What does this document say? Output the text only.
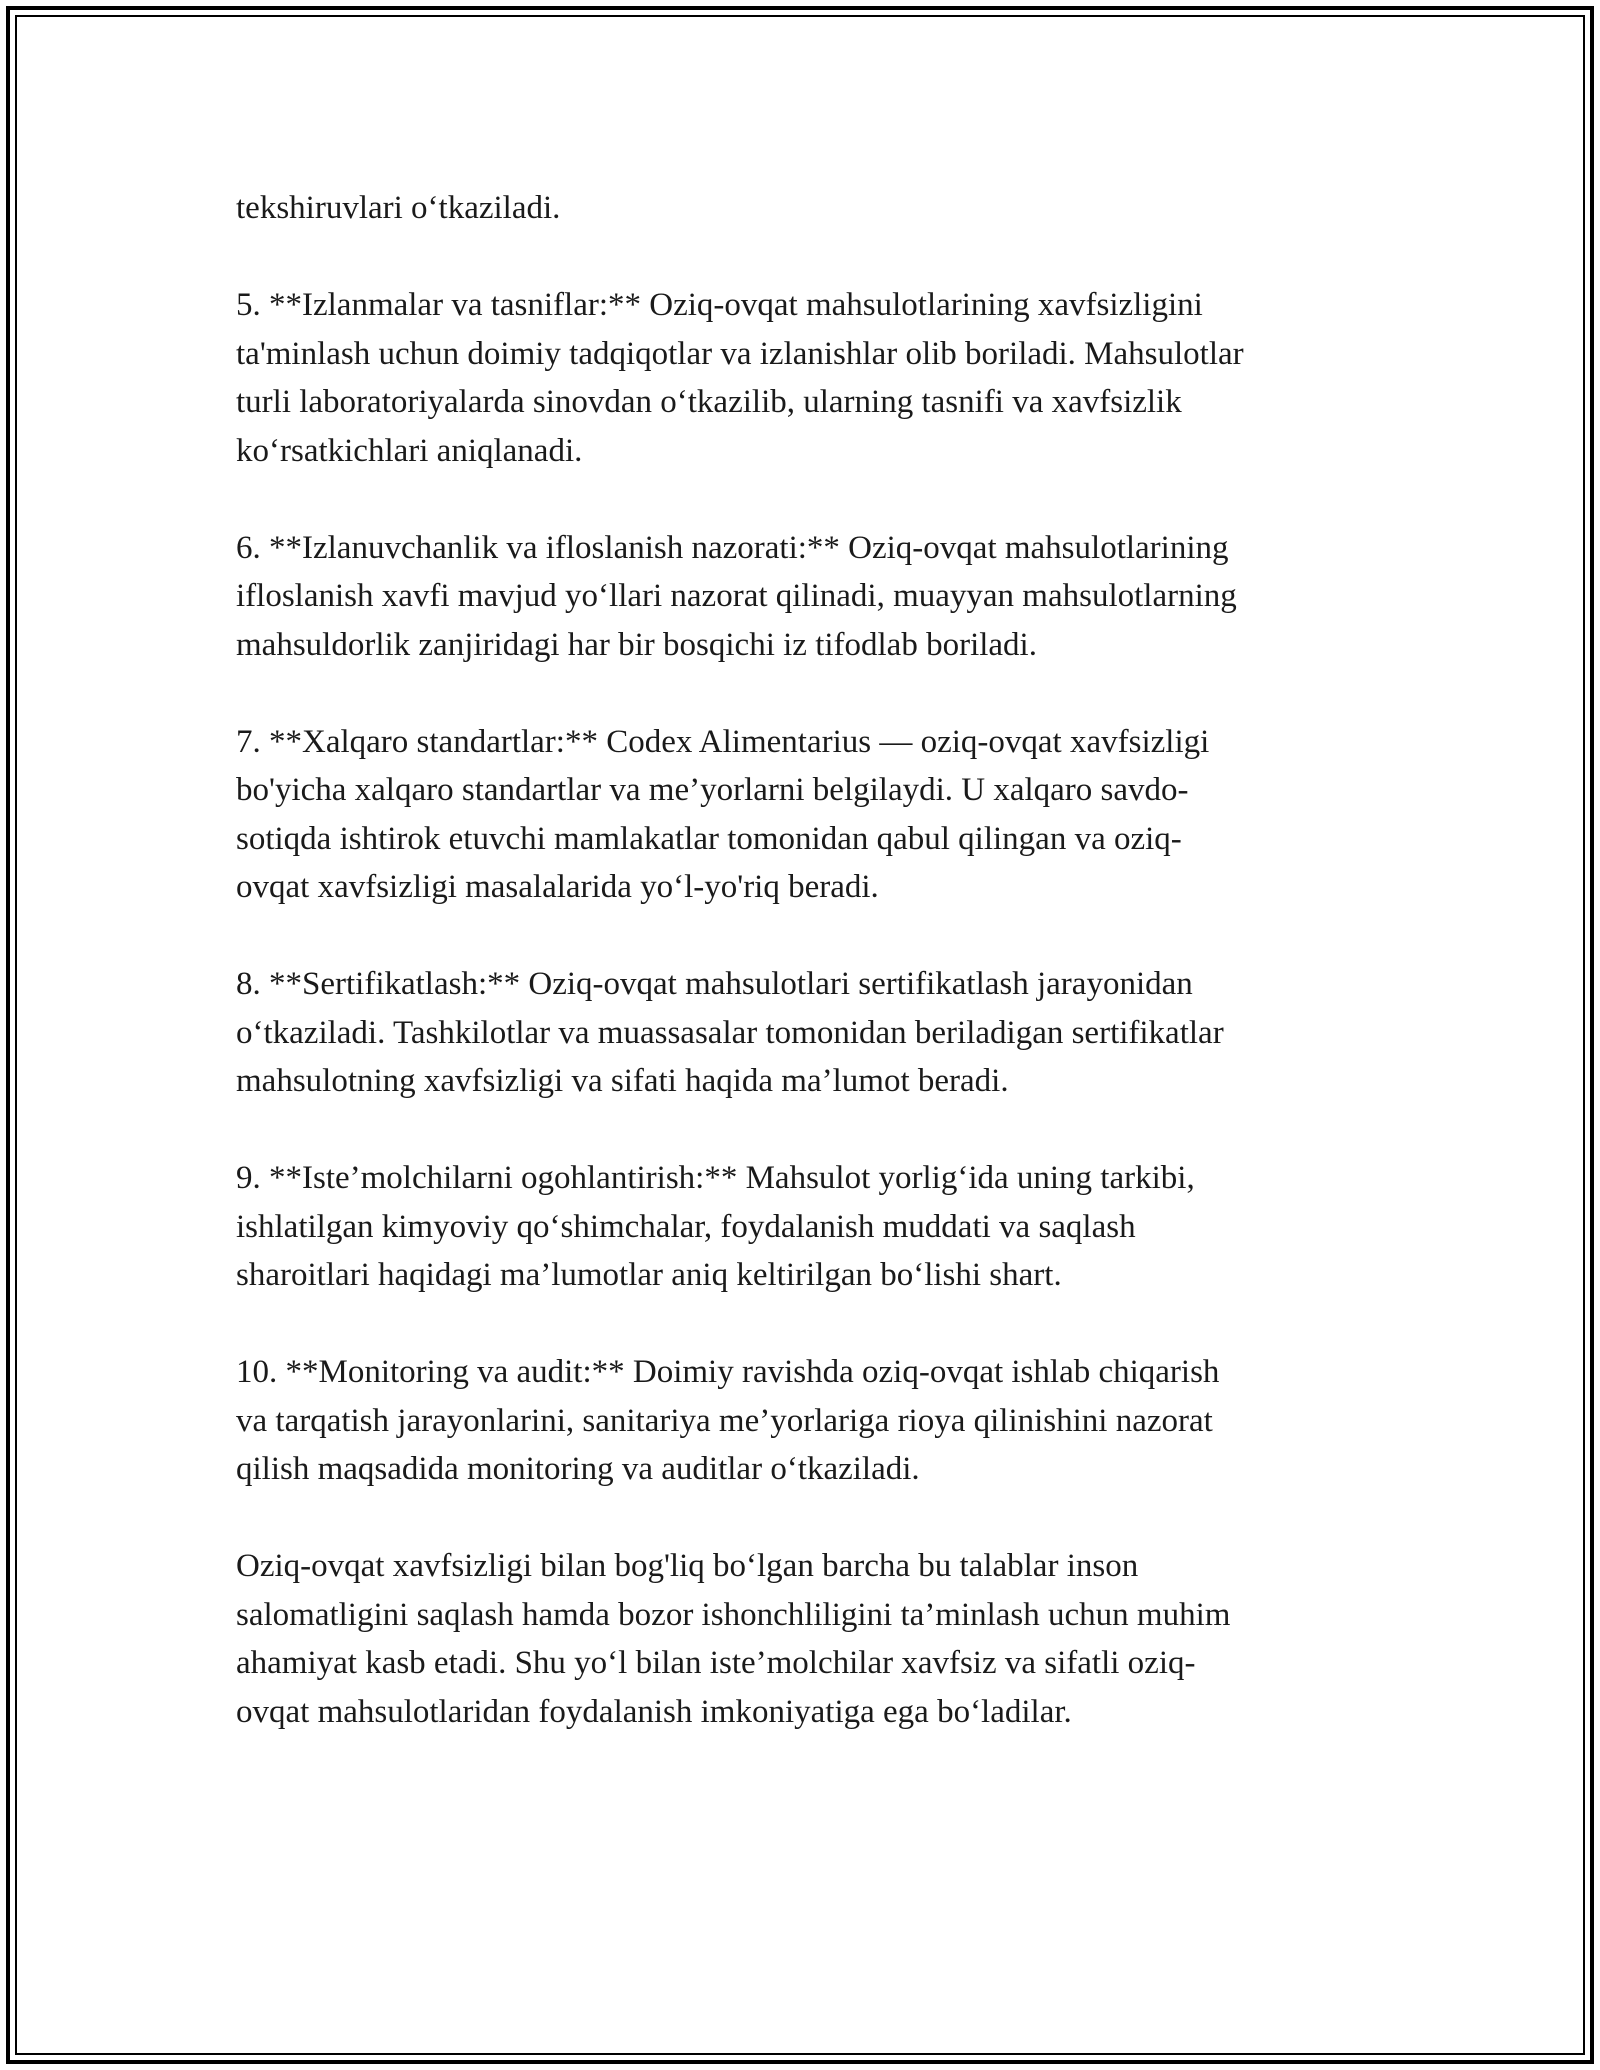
tekshiruvlari o‘tkaziladi.

5. **Izlanmalar va tasniflar:** Oziq-ovqat mahsulotlarining xavfsizligini
ta'minlash uchun doimiy tadqiqotlar va izlanishlar olib boriladi. Mahsulotlar
turli laboratoriyalarda sinovdan o‘tkazilib, ularning tasnifi va xavfsizlik
ko‘rsatkichlari aniqlanadi.

6. **Izlanuvchanlik va ifloslanish nazorati:** Oziq-ovqat mahsulotlarining
ifloslanish xavfi mavjud yo‘llari nazorat qilinadi, muayyan mahsulotlarning
mahsuldorlik zanjiridagi har bir bosqichi iz tifodlab boriladi.

7. **Xalqaro standartlar:** Codex Alimentarius — oziq-ovqat xavfsizligi
bo'yicha xalqaro standartlar va me’yorlarni belgilaydi. U xalqaro savdo-
sotiqda ishtirok etuvchi mamlakatlar tomonidan qabul qilingan va oziq-
ovqat xavfsizligi masalalarida yo‘l-yo'riq beradi.

8. **Sertifikatlash:** Oziq-ovqat mahsulotlari sertifikatlash jarayonidan
o‘tkaziladi. Tashkilotlar va muassasalar tomonidan beriladigan sertifikatlar
mahsulotning xavfsizligi va sifati haqida ma’lumot beradi.

9. **Iste’molchilarni ogohlantirish:** Mahsulot yorlig‘ida uning tarkibi,
ishlatilgan kimyoviy qo‘shimchalar, foydalanish muddati va saqlash
sharoitlari haqidagi ma’lumotlar aniq keltirilgan bo‘lishi shart.

10. **Monitoring va audit:** Doimiy ravishda oziq-ovqat ishlab chiqarish
va tarqatish jarayonlarini, sanitariya me’yorlariga rioya qilinishini nazorat
qilish maqsadida monitoring va auditlar o‘tkaziladi.

Oziq-ovqat xavfsizligi bilan bog'liq bo‘lgan barcha bu talablar inson
salomatligini saqlash hamda bozor ishonchliligini ta’minlash uchun muhim
ahamiyat kasb etadi. Shu yo‘l bilan iste’molchilar xavfsiz va sifatli oziq-
ovqat mahsulotlaridan foydalanish imkoniyatiga ega bo‘ladilar.
